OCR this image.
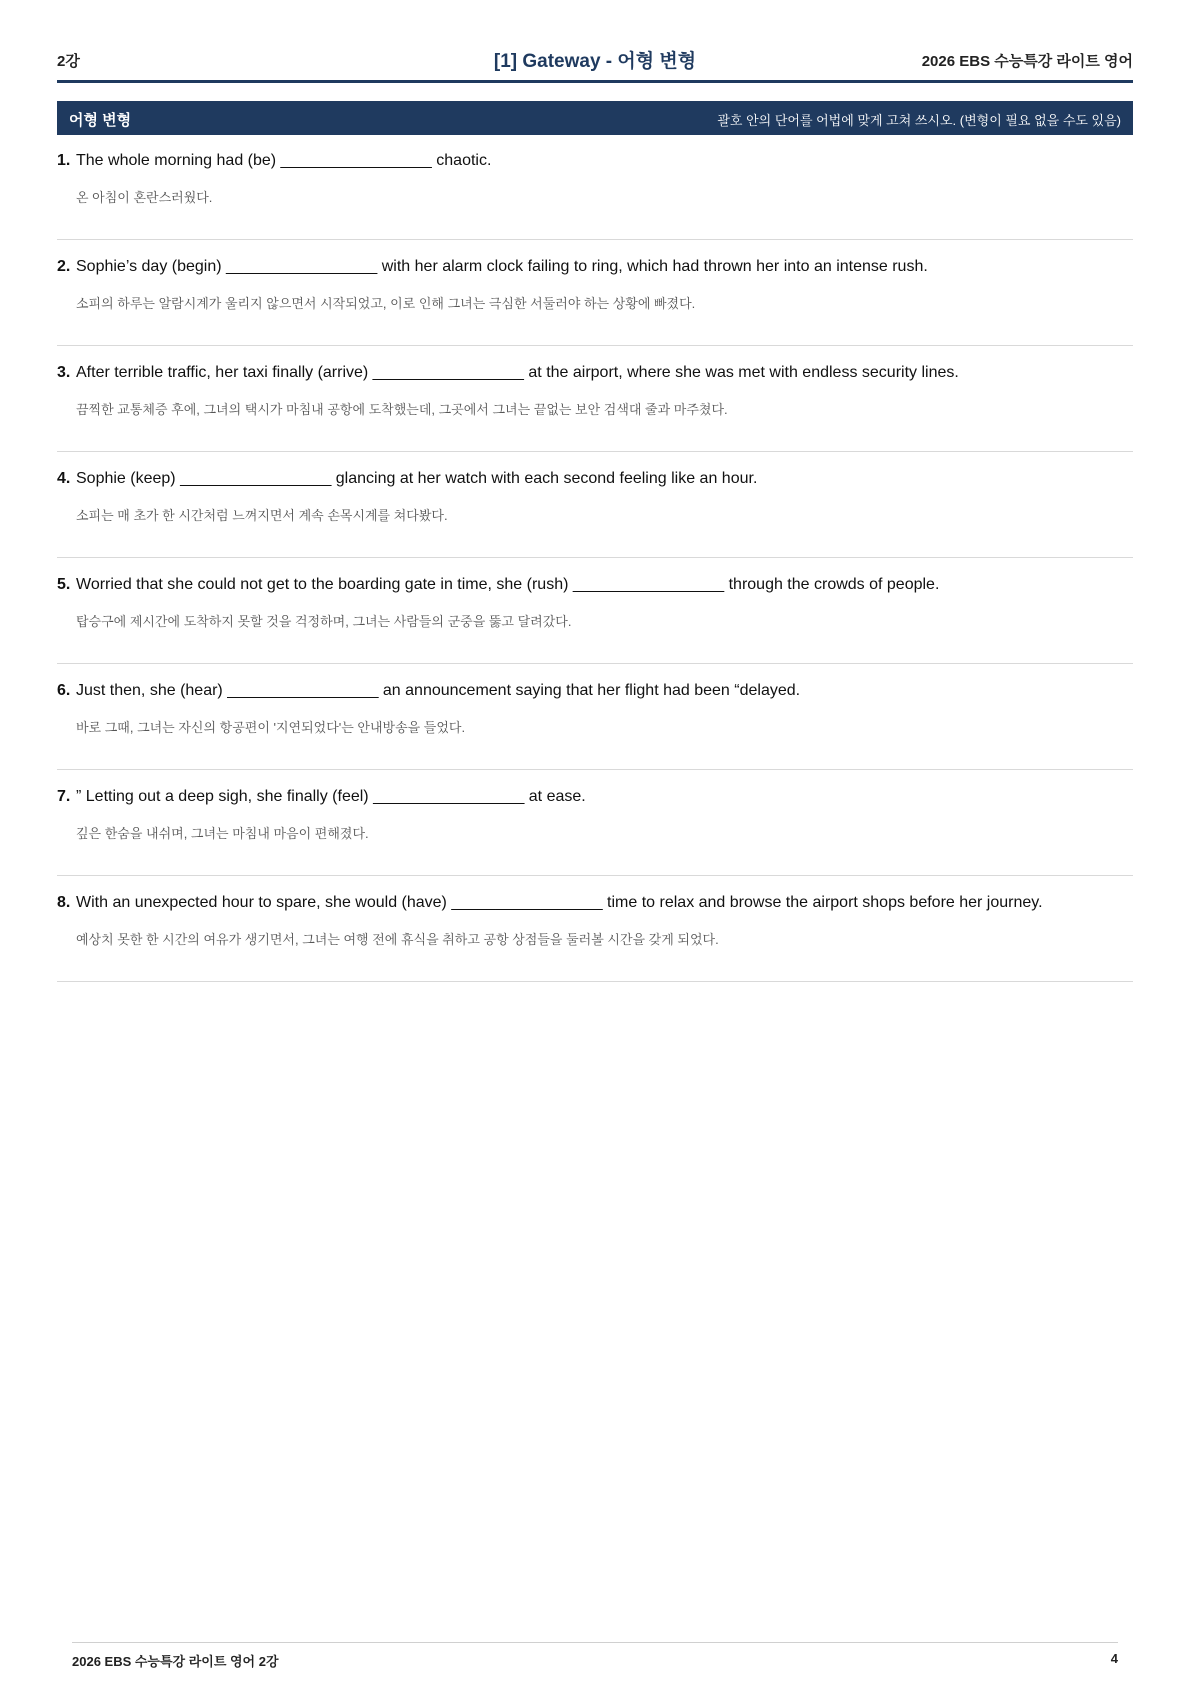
2강	[1] Gateway - 어형 변형	2026 EBS 수능특강 라이트 영어
어형 변형	괄호 안의 단어를 어법에 맞게 고쳐 쓰시오. (변형이 필요 없을 수도 있음)
1. The whole morning had (be) _________________ chaotic.
온 아침이 혼란스러웠다.
2. Sophie’s day (begin) _________________ with her alarm clock failing to ring, which had thrown her into an intense rush.
소피의 하루는 알람시계가 울리지 않으면서 시작되었고, 이로 인해 그녀는 극심한 서둘러야 하는 상황에 빠졌다.
3. After terrible traffic, her taxi finally (arrive) _________________ at the airport, where she was met with endless security lines.
끔찍한 교통체증 후에, 그녀의 택시가 마침내 공항에 도착했는데, 그곳에서 그녀는 끝없는 보안 검색대 줄과 마주쳤다.
4. Sophie (keep) _________________ glancing at her watch with each second feeling like an hour.
소피는 매 초가 한 시간처럼 느껴지면서 계속 손목시계를 쳐다봤다.
5. Worried that she could not get to the boarding gate in time, she (rush) _________________ through the crowds of people.
탑승구에 제시간에 도착하지 못할 것을 걱정하며, 그녀는 사람들의 군중을 뚫고 달려갔다.
6. Just then, she (hear) _________________ an announcement saying that her flight had been “delayed.
바로 그때, 그녀는 자신의 항공편이 '지연되었다'는 안내방송을 들었다.
7. ” Letting out a deep sigh, she finally (feel) _________________ at ease.
깊은 한숨을 내쉬며, 그녀는 마침내 마음이 편해졌다.
8. With an unexpected hour to spare, she would (have) _________________ time to relax and browse the airport shops before her journey.
예상치 못한 한 시간의 여유가 생기면서, 그녀는 여행 전에 휴식을 취하고 공항 상점들을 둘러볼 시간을 갖게 되었다.
2026 EBS 수능특강 라이트 영어 2강	4
